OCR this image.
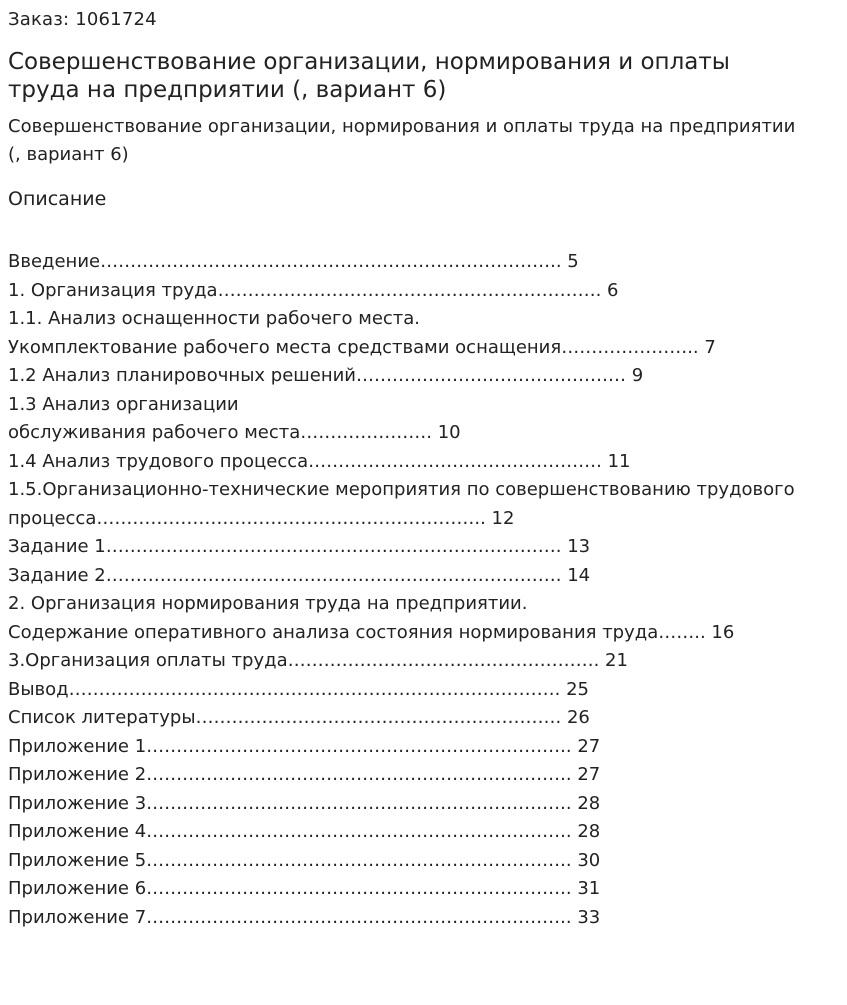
Заказ: 1061724
Совершенствование организации, нормирования и оплаты
труда на предприятии (, вариант 6)
Совершенствование организации, нормирования и оплаты труда на предприятии
(, вариант 6)
Описание
Введение………………………………………………………………….. 5
1. Организация труда………………………………………………………. 6
1.1. Анализ оснащенности рабочего места.
Укомплектование рабочего места средствами оснащения………………….. 7
1.2 Анализ планировочных решений……………………………………… 9
1.3 Анализ организации
обслуживания рабочего места…………………. 10
1.4 Анализ трудового процесса…………………………………………. 11
1.5.Организационно-технические мероприятия по совершенствованию трудового
процесса……………………………………………………….. 12
Задание 1…………………………………………………………………. 13
Задание 2…………………………………………………………………. 14
2. Организация нормирования труда на предприятии.
Содержание оперативного анализа состояния нормирования труда…….. 16
3.Организация оплаты труда……………………………………………. 21
Вывод………………………………………………………………………. 25
Список литературы……………………………………………………. 26
Приложение 1…………………………………………………………….. 27
Приложение 2…………………………………………………………….. 27
Приложение 3…………………………………………………………….. 28
Приложение 4…………………………………………………………….. 28
Приложение 5…………………………………………………………….. 30
Приложение 6…………………………………………………………….. 31
Приложение 7…………………………………………………………….. 33
